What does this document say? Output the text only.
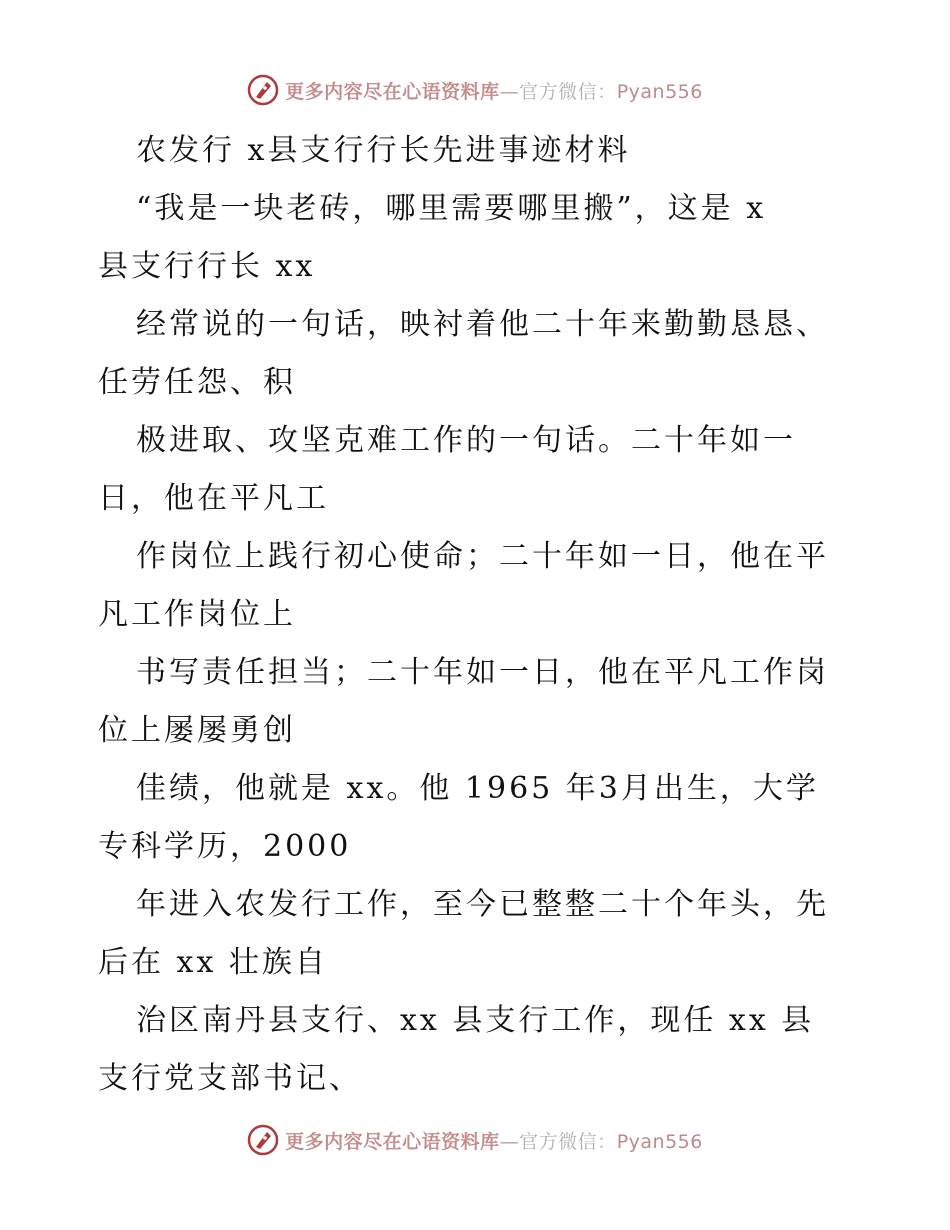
更多内容尽在心语资料库—官方微信：Pyan556
农发行 x县支行行长先进事迹材料
“我是一块老砖，哪里需要哪里搬”，这是 x
县支行行长 xx
经常说的一句话，映衬着他二十年来勤勤恳恳、
任劳任怨、积
极进取、攻坚克难工作的一句话。二十年如一
日，他在平凡工
作岗位上践行初心使命；二十年如一日，他在平
凡工作岗位上
书写责任担当；二十年如一日，他在平凡工作岗
位上屡屡勇创
佳绩，他就是 xx。他 1965 年3月出生，大学
专科学历，2000
年进入农发行工作，至今已整整二十个年头，先
后在 xx 壮族自
治区南丹县支行、xx 县支行工作，现任 xx 县
支行党支部书记、
更多内容尽在心语资料库—官方微信：Pyan556
